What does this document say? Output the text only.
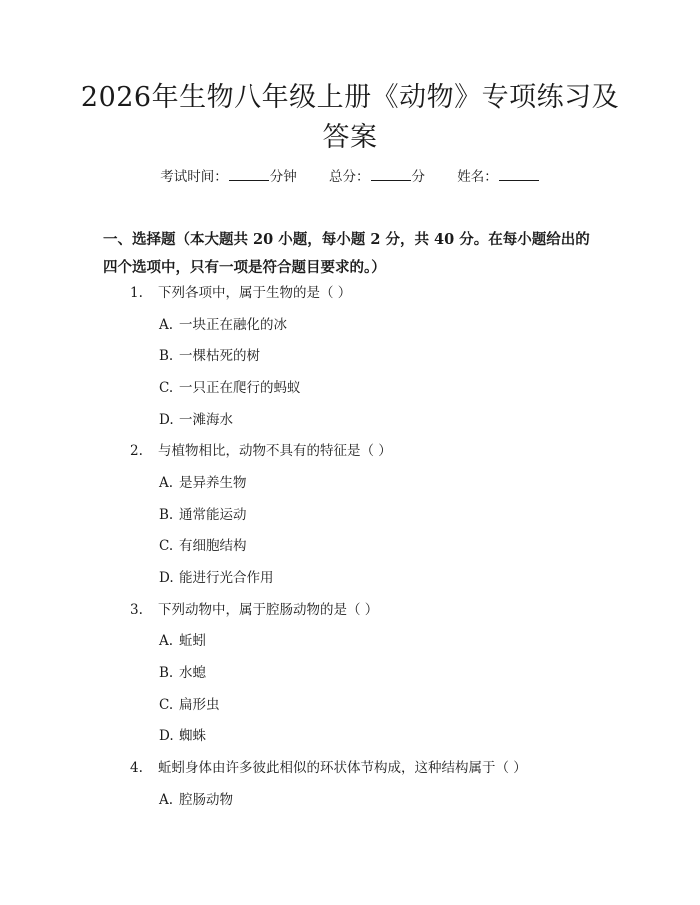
2026年生物八年级上册《动物》专项练习及答案
考试时间：	分钟 总分：	分 姓名：
一、选择题（本大题共 20 小题，每小题 2 分，共 40 分。在每小题给出的四个选项中，只有一项是符合题目要求的。）
1. 下列各项中，属于生物的是（ ）
A. 一块正在融化的冰
B. 一棵枯死的树
C. 一只正在爬行的蚂蚁
D. 一滩海水
2. 与植物相比，动物不具有的特征是（ ）
A. 是异养生物
B. 通常能运动
C. 有细胞结构
D. 能进行光合作用
3. 下列动物中，属于腔肠动物的是（ ）
A. 蚯蚓
B. 水螅
C. 扁形虫
D. 蜘蛛
4. 蚯蚓身体由许多彼此相似的环状体节构成，这种结构属于（ ）
A. 腔肠动物
